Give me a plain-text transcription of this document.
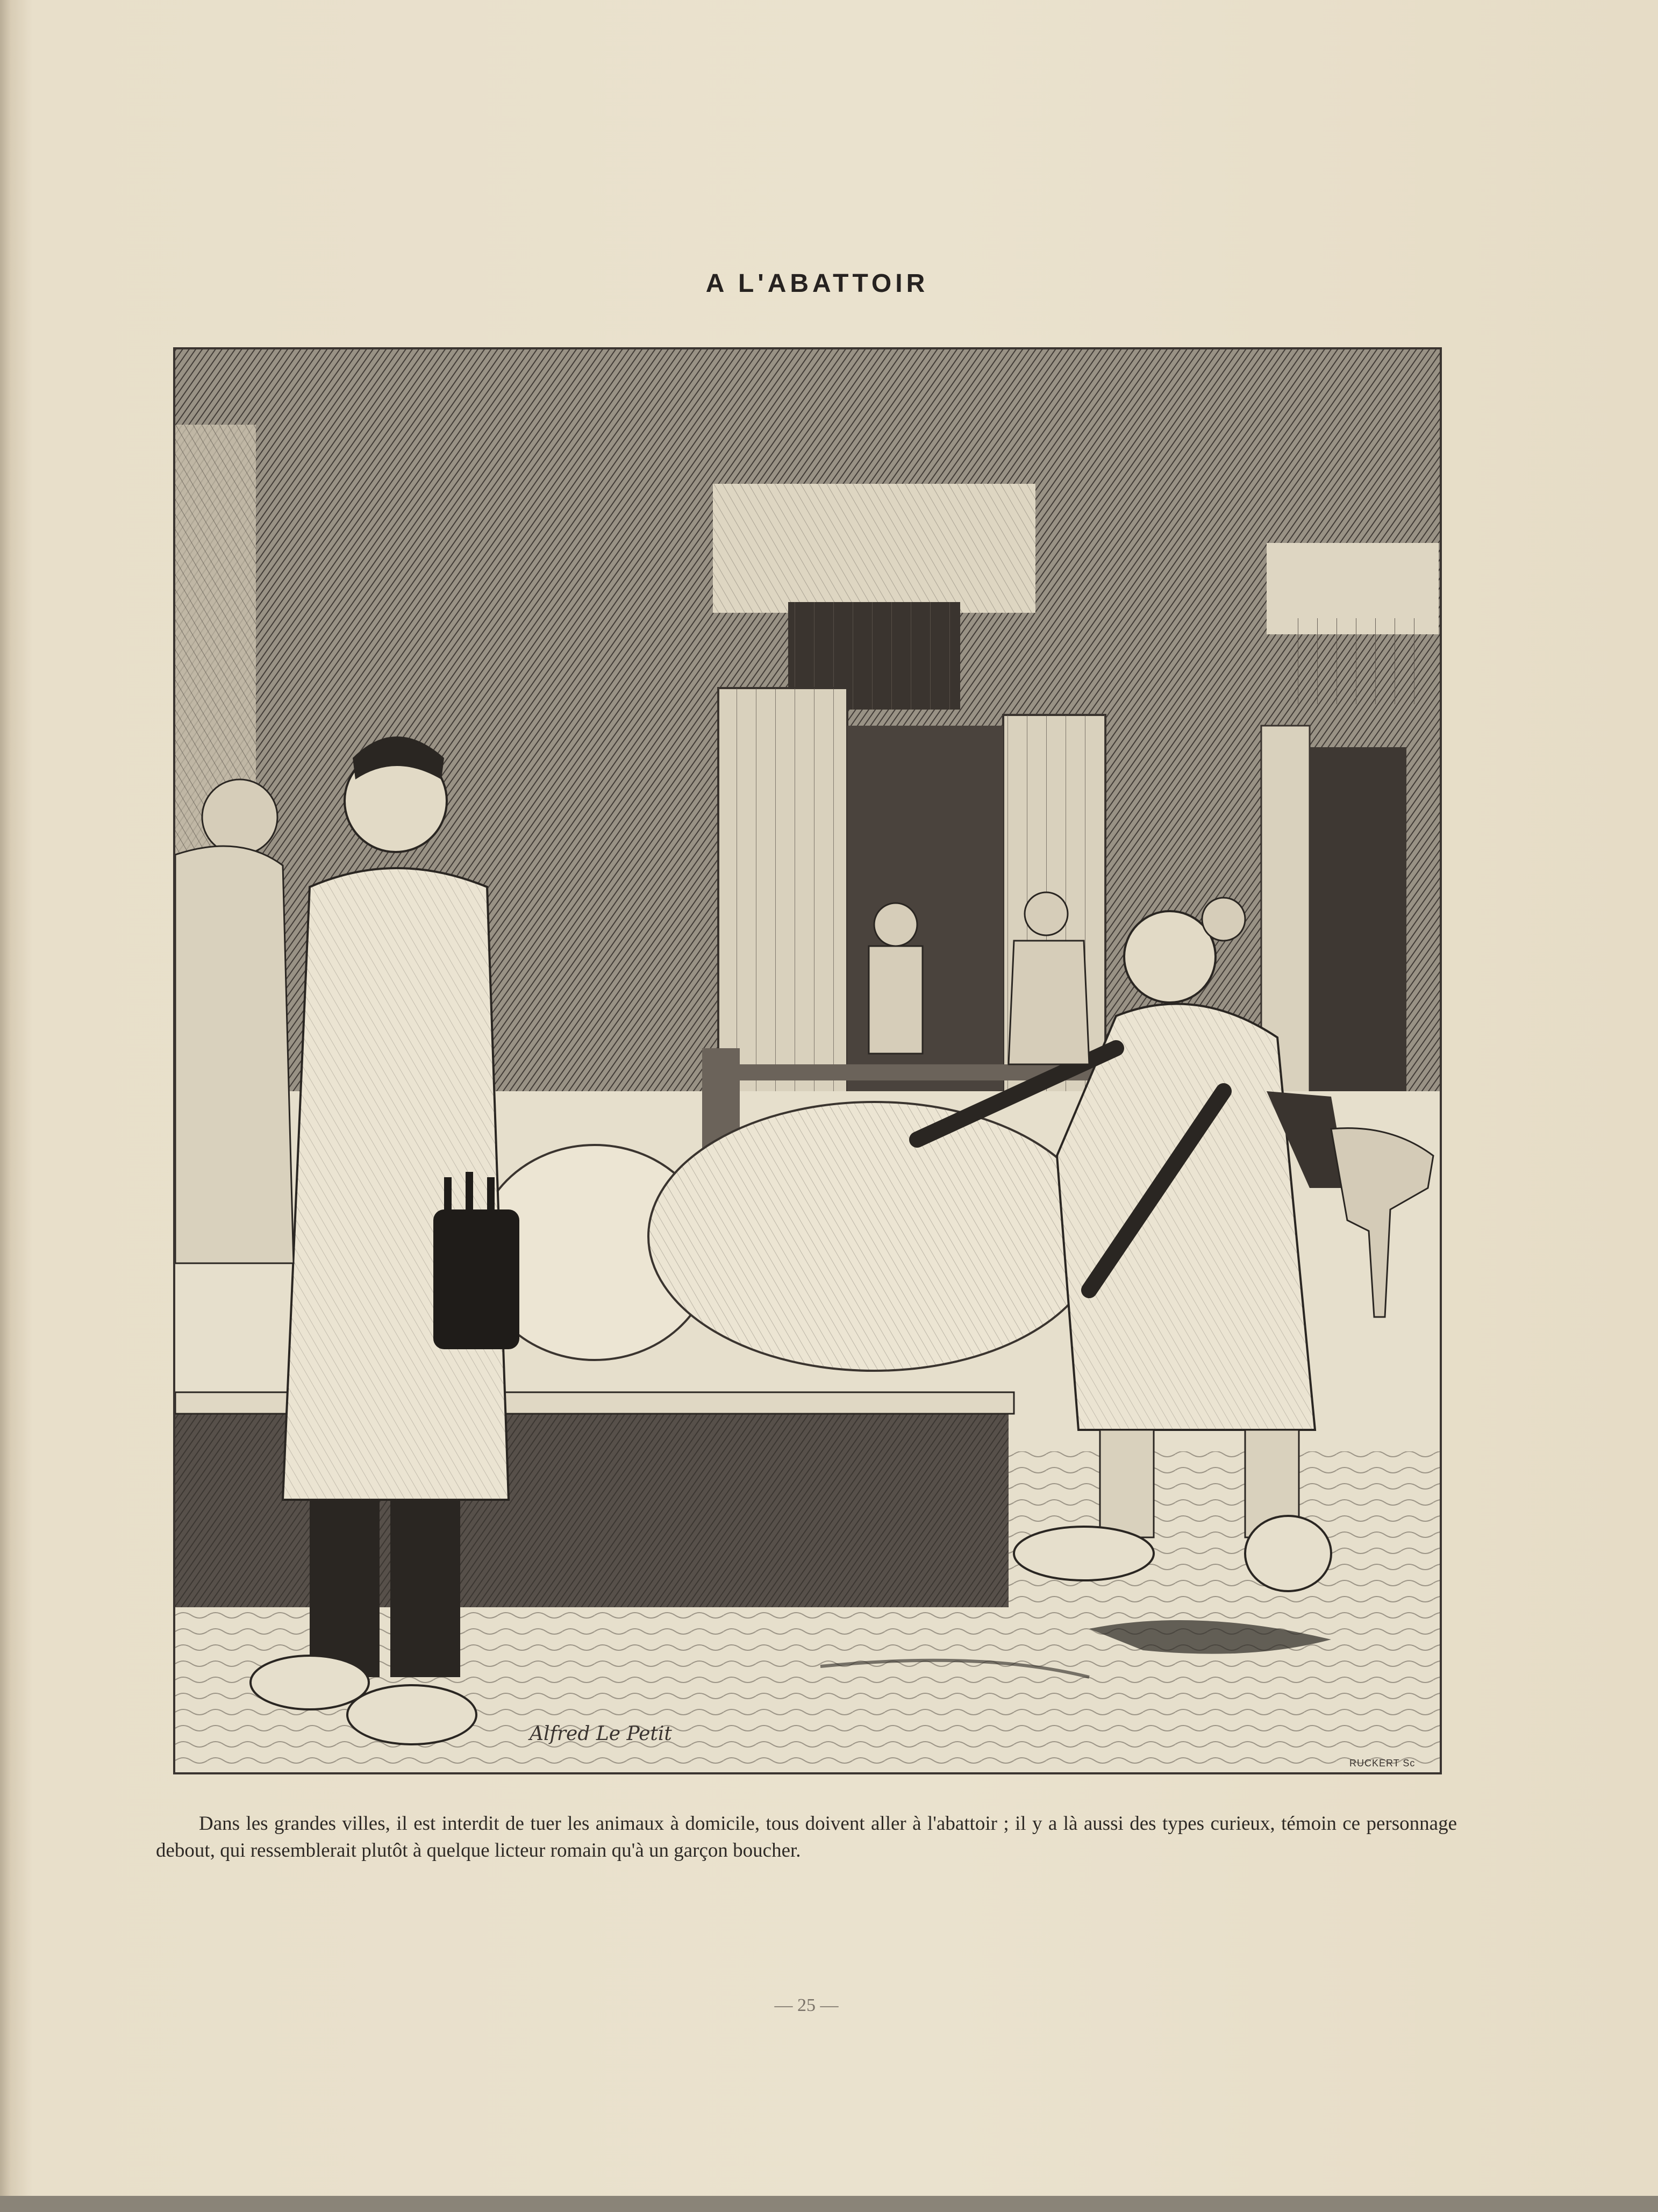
A L'ABATTOIR
Alfred Le Petit
RUCKERT Sc

Dans les grandes villes, il est interdit de tuer les animaux à domicile, tous doivent aller à l'abattoir ; il y a là aussi des types curieux, témoin ce personnage debout, qui ressemblerait plutôt à quelque licteur romain qu'à un garçon boucher.

— 25 —
